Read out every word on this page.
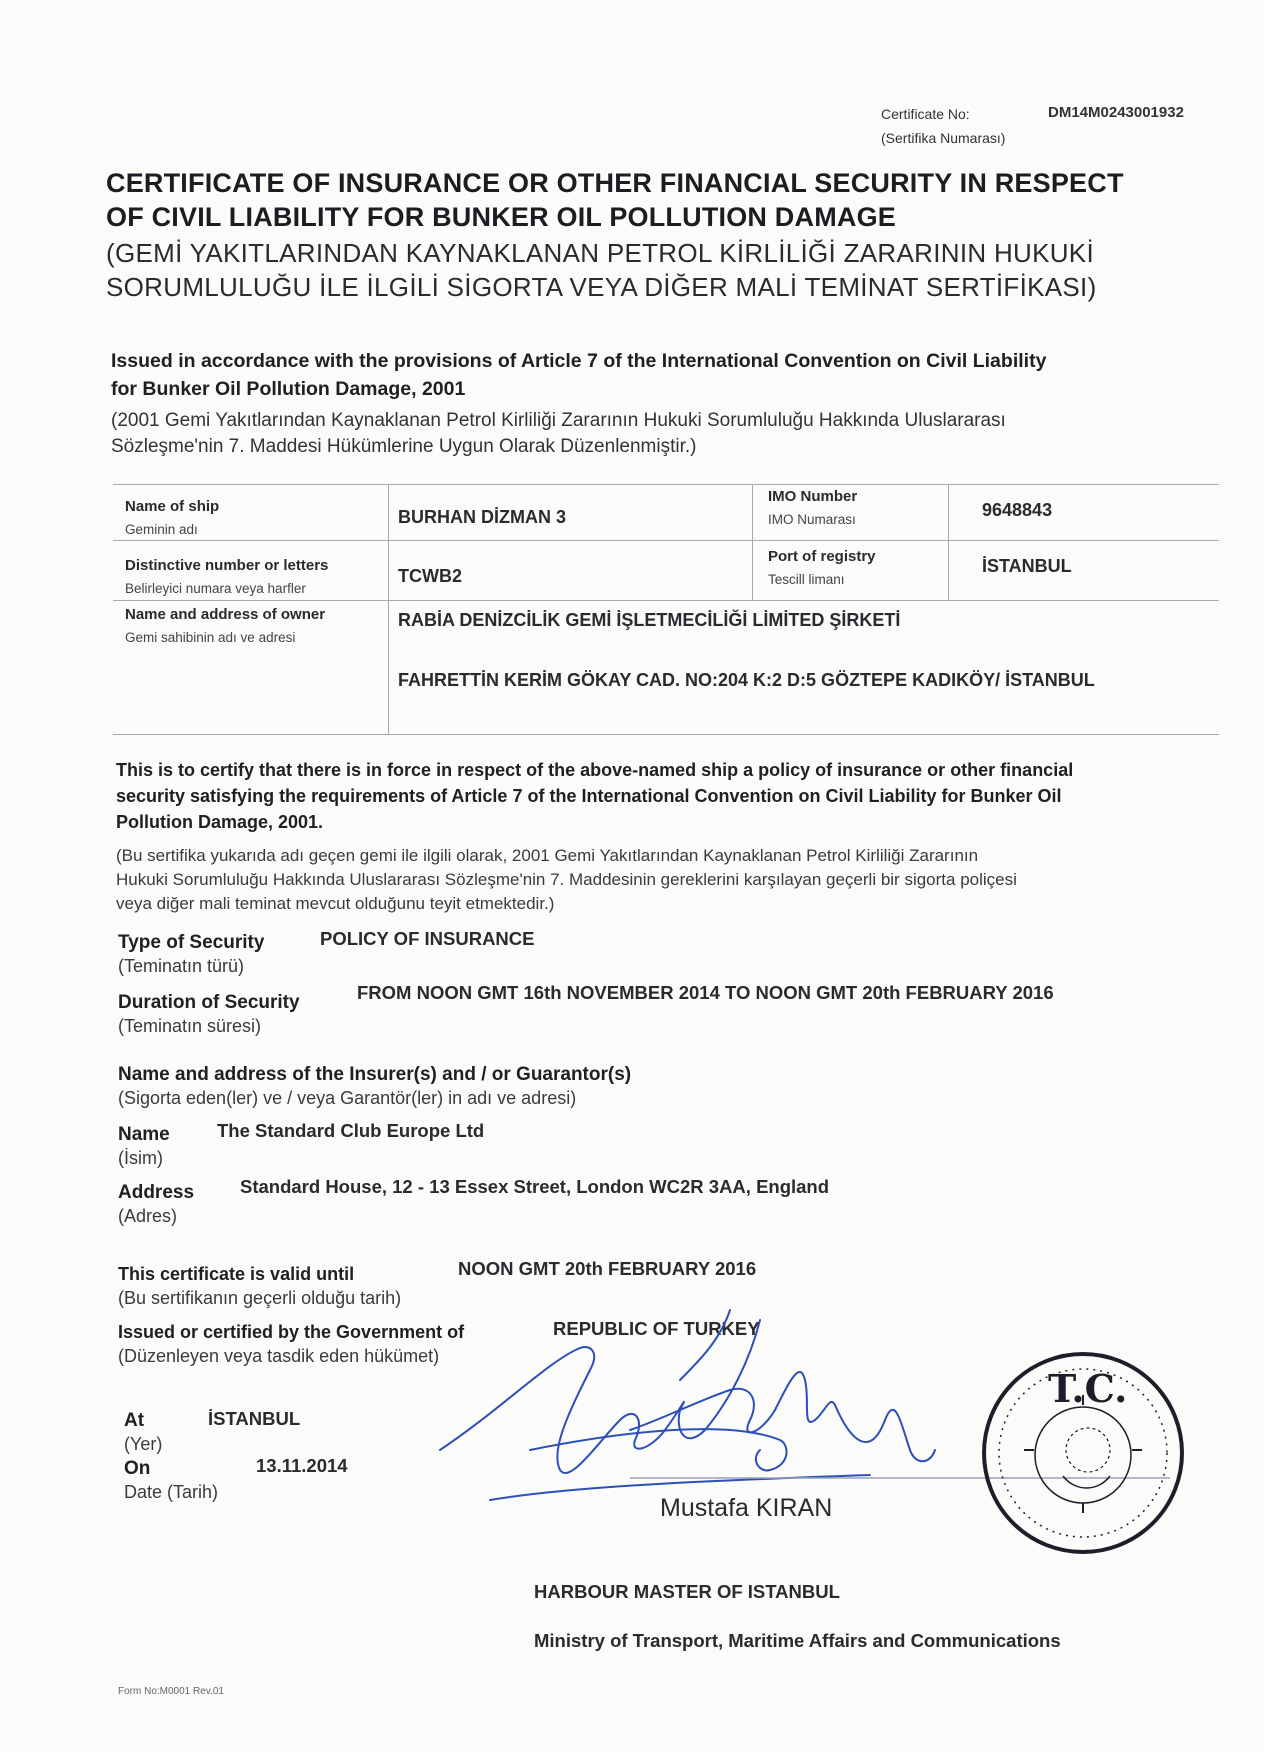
Certificate No:
(Sertifika Numarası)
DM14M0243001932
CERTIFICATE OF INSURANCE OR OTHER FINANCIAL SECURITY IN RESPECT
OF CIVIL LIABILITY FOR BUNKER OIL POLLUTION DAMAGE
(GEMİ YAKITLARINDAN KAYNAKLANAN PETROL KİRLİLİĞİ ZARARININ HUKUKİ
SORUMLULUĞU İLE İLGİLİ SİGORTA VEYA DİĞER MALİ TEMİNAT SERTİFİKASI)
Issued in accordance with the provisions of Article 7 of the International Convention on Civil Liability
for Bunker Oil Pollution Damage, 2001
(2001 Gemi Yakıtlarından Kaynaklanan Petrol Kirliliği Zararının Hukuki Sorumluluğu Hakkında Uluslararası
Sözleşme'nin 7. Maddesi Hükümlerine Uygun Olarak Düzenlenmiştir.)
Name of ship
Geminin adı
BURHAN DİZMAN 3
IMO Number
IMO Numarası	9648843
Distinctive number or letters
Belirleyici numara veya harfler
TCWB2
Port of registry
Tescill limanı
İSTANBUL
Name and address of owner
Gemi sahibinin adı ve adresi
RABİA DENİZCİLİK GEMİ İŞLETMECİLİĞİ LİMİTED ŞİRKETİ
FAHRETTİN KERİM GÖKAY CAD. NO:204 K:2 D:5 GÖZTEPE KADIKÖY/ İSTANBUL
This is to certify that there is in force in respect of the above-named ship a policy of insurance or other financial
security satisfying the requirements of Article 7 of the International Convention on Civil Liability for Bunker Oil
Pollution Damage, 2001.
(Bu sertifika yukarıda adı geçen gemi ile ilgili olarak, 2001 Gemi Yakıtlarından Kaynaklanan Petrol Kirliliği Zararının
Hukuki Sorumluluğu Hakkında Uluslararası Sözleşme'nin 7. Maddesinin gereklerini karşılayan geçerli bir sigorta poliçesi
veya diğer mali teminat mevcut olduğunu teyit etmektedir.)
Type of Security
(Teminatın türü)
POLICY OF INSURANCE
Duration of Security
(Teminatın süresi)
FROM NOON GMT 16th NOVEMBER 2014 TO NOON GMT 20th FEBRUARY 2016
Name and address of the Insurer(s) and / or Guarantor(s)
(Sigorta eden(ler) ve / veya Garantör(ler) in adı ve adresi)
Name
(İsim)
The Standard Club Europe Ltd
Address
(Adres)
Standard House, 12 - 13 Essex Street, London WC2R 3AA, England
This certificate is valid until
(Bu sertifikanın geçerli olduğu tarih)
NOON GMT 20th FEBRUARY 2016
Issued or certified by the Government of
(Düzenleyen veya tasdik eden hükümet)
REPUBLIC OF TURKEY
At
(Yer)
İSTANBUL
On
Date (Tarih)
13.11.2014
T.C.
Mustafa KIRAN
HARBOUR MASTER OF ISTANBUL
Ministry of Transport, Maritime Affairs and Communications
Form No:M0001 Rev.01
